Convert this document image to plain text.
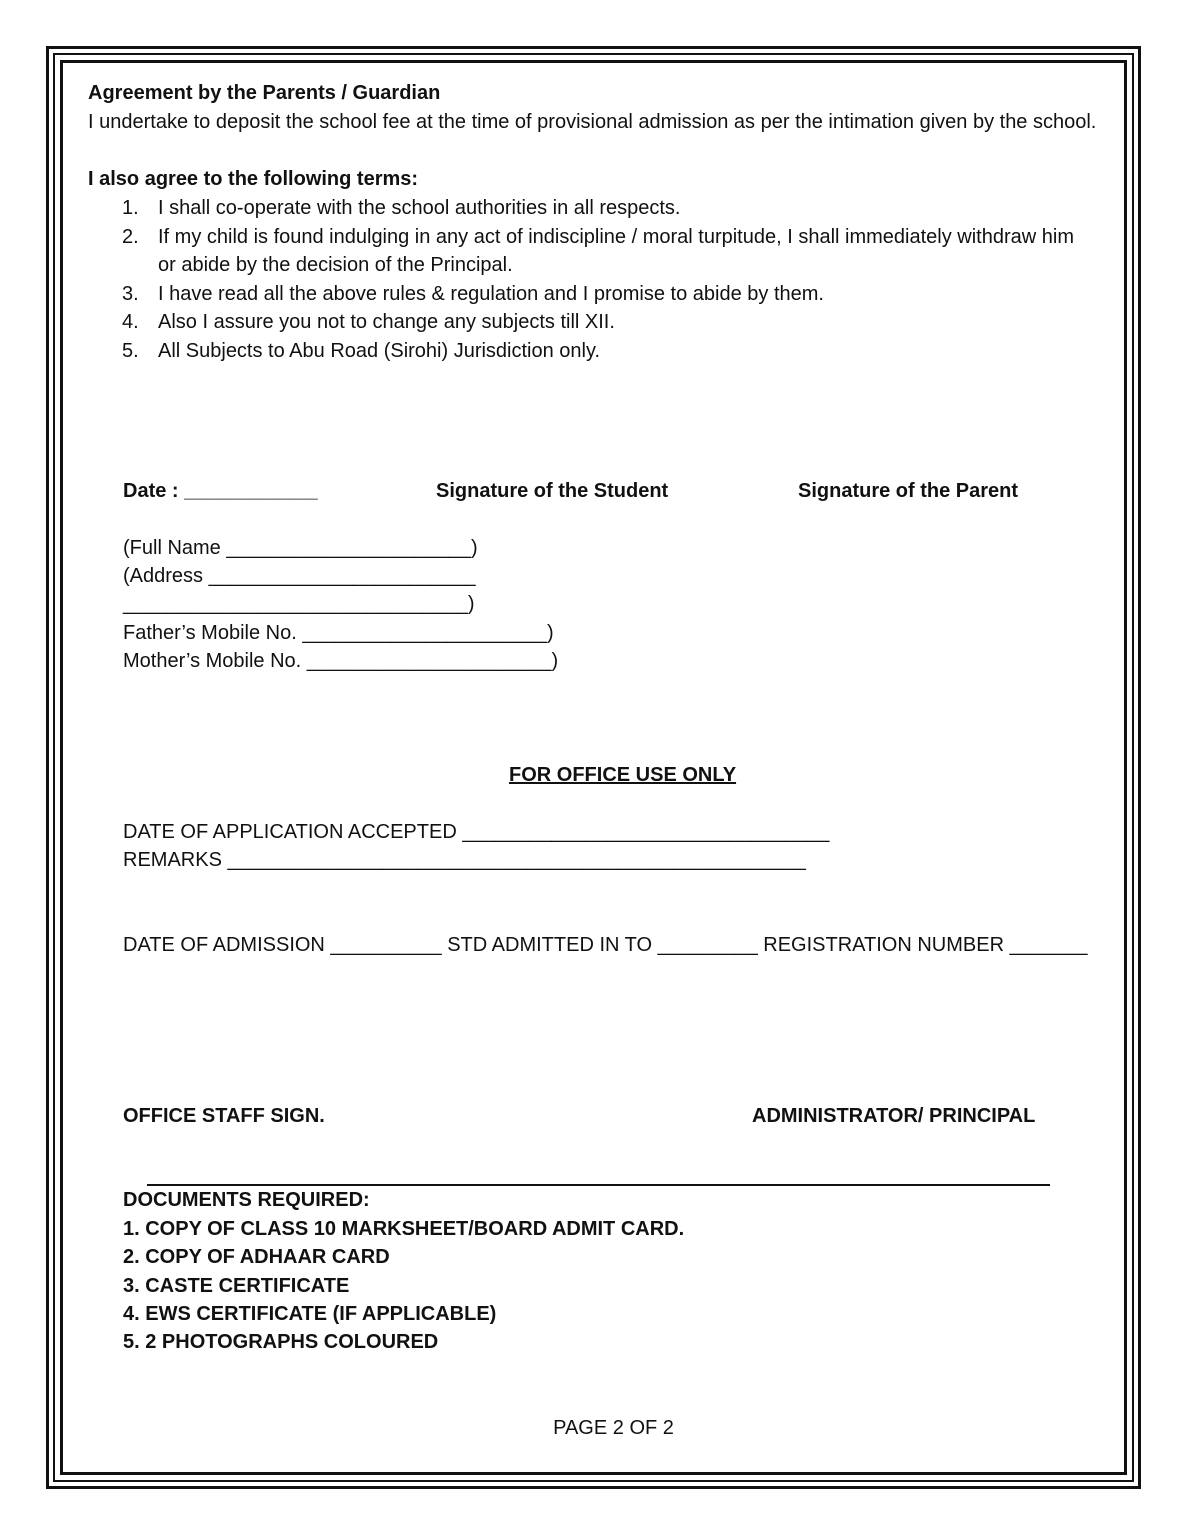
Agreement by the Parents / Guardian

I undertake to deposit the school fee at the time of provisional admission as per the intimation given by the school.

I also agree to the following terms:

1. I shall co-operate with the school authorities in all respects.
2. If my child is found indulging in any act of indiscipline / moral turpitude, I shall immediately withdraw him or abide by the decision of the Principal.
3. I have read all the above rules & regulation and I promise to abide by them.
4. Also I assure you not to change any subjects till XII.
5. All Subjects to Abu Road (Sirohi) Jurisdiction only.

Date : ____________	Signature of the Student	Signature of the Parent

(Full Name ______________________)

(Address ________________________

_______________________________)

Father’s Mobile No. ______________________)

Mother’s Mobile No. ______________________)

FOR OFFICE USE ONLY

DATE OF APPLICATION ACCEPTED _________________________________

REMARKS ____________________________________________________

DATE OF ADMISSION __________ STD ADMITTED IN TO _________ REGISTRATION NUMBER _______

OFFICE STAFF SIGN.	ADMINISTRATOR/ PRINCIPAL

DOCUMENTS REQUIRED:

1. COPY OF CLASS 10 MARKSHEET/BOARD ADMIT CARD.

2. COPY OF ADHAAR CARD

3. CASTE CERTIFICATE

4. EWS CERTIFICATE (IF APPLICABLE)

5. 2 PHOTOGRAPHS COLOURED

PAGE 2 OF 2
